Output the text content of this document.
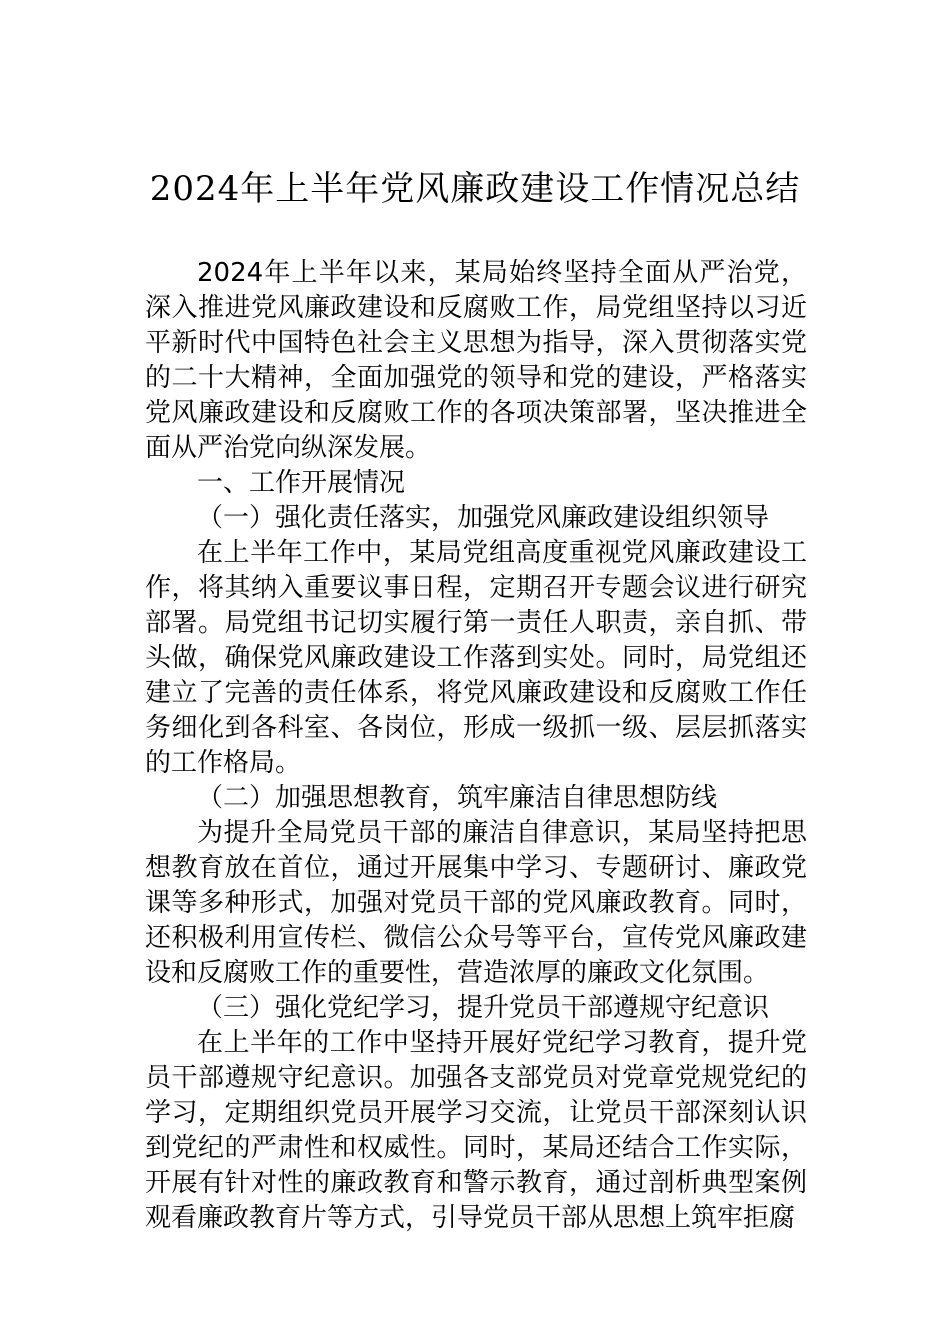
2024年上半年党风廉政建设工作情况总结

2024年上半年以来，某局始终坚持全面从严治党，深入推进党风廉政建设和反腐败工作，局党组坚持以习近平新时代中国特色社会主义思想为指导，深入贯彻落实党的二十大精神，全面加强党的领导和党的建设，严格落实党风廉政建设和反腐败工作的各项决策部署，坚决推进全面从严治党向纵深发展。

一、工作开展情况

（一）强化责任落实，加强党风廉政建设组织领导

在上半年工作中，某局党组高度重视党风廉政建设工作，将其纳入重要议事日程，定期召开专题会议进行研究部署。局党组书记切实履行第一责任人职责，亲自抓、带头做，确保党风廉政建设工作落到实处。同时，局党组还建立了完善的责任体系，将党风廉政建设和反腐败工作任务细化到各科室、各岗位，形成一级抓一级、层层抓落实的工作格局。

（二）加强思想教育，筑牢廉洁自律思想防线

为提升全局党员干部的廉洁自律意识，某局坚持把思想教育放在首位，通过开展集中学习、专题研讨、廉政党课等多种形式，加强对党员干部的党风廉政教育。同时，还积极利用宣传栏、微信公众号等平台，宣传党风廉政建设和反腐败工作的重要性，营造浓厚的廉政文化氛围。

（三）强化党纪学习，提升党员干部遵规守纪意识

在上半年的工作中坚持开展好党纪学习教育，提升党员干部遵规守纪意识。加强各支部党员对党章党规党纪的学习，定期组织党员开展学习交流，让党员干部深刻认识到党纪的严肃性和权威性。同时，某局还结合工作实际，开展有针对性的廉政教育和警示教育，通过剖析典型案例观看廉政教育片等方式，引导党员干部从思想上筑牢拒腐
